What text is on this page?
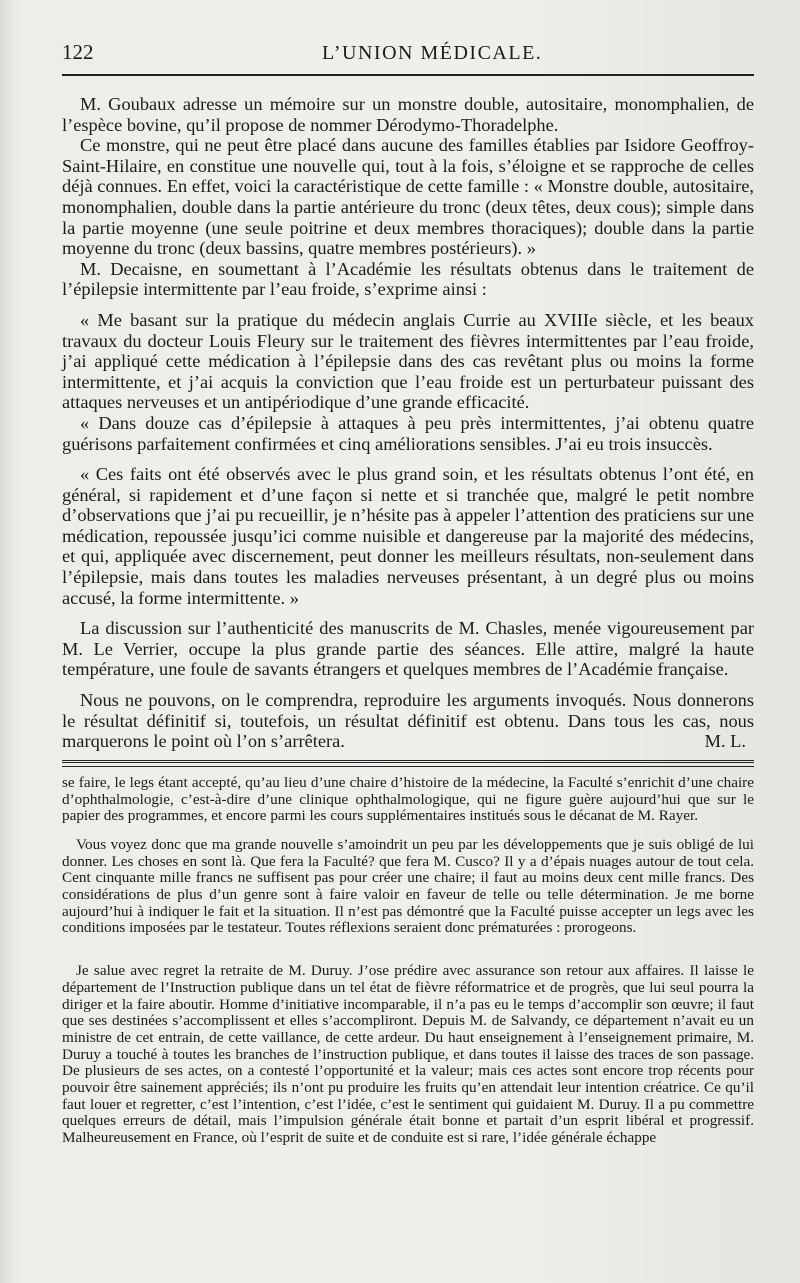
122	L’UNION MÉDICALE.

M. Goubaux adresse un mémoire sur un monstre double, autositaire, monomphalien, de l’espèce bovine, qu’il propose de nommer Dérodymo-Thoradelphe.

Ce monstre, qui ne peut être placé dans aucune des familles établies par Isidore Geoffroy-Saint-Hilaire, en constitue une nouvelle qui, tout à la fois, s’éloigne et se rapproche de celles déjà connues. En effet, voici la caractéristique de cette famille : « Monstre double, autositaire, monomphalien, double dans la partie antérieure du tronc (deux têtes, deux cous); simple dans la partie moyenne (une seule poitrine et deux membres thoraciques); double dans la partie moyenne du tronc (deux bassins, quatre membres postérieurs). »

M. Decaisne, en soumettant à l’Académie les résultats obtenus dans le traitement de l’épilepsie intermittente par l’eau froide, s’exprime ainsi :

« Me basant sur la pratique du médecin anglais Currie au XVIIIe siècle, et les beaux travaux du docteur Louis Fleury sur le traitement des fièvres intermittentes par l’eau froide, j’ai appliqué cette médication à l’épilepsie dans des cas revêtant plus ou moins la forme intermittente, et j’ai acquis la conviction que l’eau froide est un perturbateur puissant des attaques nerveuses et un antipériodique d’une grande efficacité.

« Dans douze cas d’épilepsie à attaques à peu près intermittentes, j’ai obtenu quatre guérisons parfaitement confirmées et cinq améliorations sensibles. J’ai eu trois insuccès.

« Ces faits ont été observés avec le plus grand soin, et les résultats obtenus l’ont été, en général, si rapidement et d’une façon si nette et si tranchée que, malgré le petit nombre d’observations que j’ai pu recueillir, je n’hésite pas à appeler l’attention des praticiens sur une médication, repoussée jusqu’ici comme nuisible et dangereuse par la majorité des médecins, et qui, appliquée avec discernement, peut donner les meilleurs résultats, non-seulement dans l’épilepsie, mais dans toutes les maladies nerveuses présentant, à un degré plus ou moins accusé, la forme intermittente. »

La discussion sur l’authenticité des manuscrits de M. Chasles, menée vigoureusement par M. Le Verrier, occupe la plus grande partie des séances. Elle attire, malgré la haute température, une foule de savants étrangers et quelques membres de l’Académie française.

Nous ne pouvons, on le comprendra, reproduire les arguments invoqués. Nous donnerons le résultat définitif si, toutefois, un résultat définitif est obtenu. Dans tous les cas, nous marquerons le point où l’on s’arrêtera.	M. L.

se faire, le legs étant accepté, qu’au lieu d’une chaire d’histoire de la médecine, la Faculté s’enrichit d’une chaire d’ophthalmologie, c’est-à-dire d’une clinique ophthalmologique, qui ne figure guère aujourd’hui que sur le papier des programmes, et encore parmi les cours supplémentaires institués sous le décanat de M. Rayer.

Vous voyez donc que ma grande nouvelle s’amoindrit un peu par les développements que je suis obligé de lui donner. Les choses en sont là. Que fera la Faculté? que fera M. Cusco? Il y a d’épais nuages autour de tout cela. Cent cinquante mille francs ne suffisent pas pour créer une chaire; il faut au moins deux cent mille francs. Des considérations de plus d’un genre sont à faire valoir en faveur de telle ou telle détermination. Je me borne aujourd’hui à indiquer le fait et la situation. Il n’est pas démontré que la Faculté puisse accepter un legs avec les conditions imposées par le testateur. Toutes réflexions seraient donc prématurées : prorogeons.

Je salue avec regret la retraite de M. Duruy. J’ose prédire avec assurance son retour aux affaires. Il laisse le département de l’Instruction publique dans un tel état de fièvre réformatrice et de progrès, que lui seul pourra la diriger et la faire aboutir. Homme d’initiative incomparable, il n’a pas eu le temps d’accomplir son œuvre; il faut que ses destinées s’accomplissent et elles s’accompliront. Depuis M. de Salvandy, ce département n’avait eu un ministre de cet entrain, de cette vaillance, de cette ardeur. Du haut enseignement à l’enseignement primaire, M. Duruy a touché à toutes les branches de l’instruction publique, et dans toutes il laisse des traces de son passage. De plusieurs de ses actes, on a contesté l’opportunité et la valeur; mais ces actes sont encore trop récents pour pouvoir être sainement appréciés; ils n’ont pu produire les fruits qu’en attendait leur intention créatrice. Ce qu’il faut louer et regretter, c’est l’intention, c’est l’idée, c’est le sentiment qui guidaient M. Duruy. Il a pu commettre quelques erreurs de détail, mais l’impulsion générale était bonne et partait d’un esprit libéral et progressif. Malheureusement en France, où l’esprit de suite et de conduite est si rare, l’idée générale échappe
